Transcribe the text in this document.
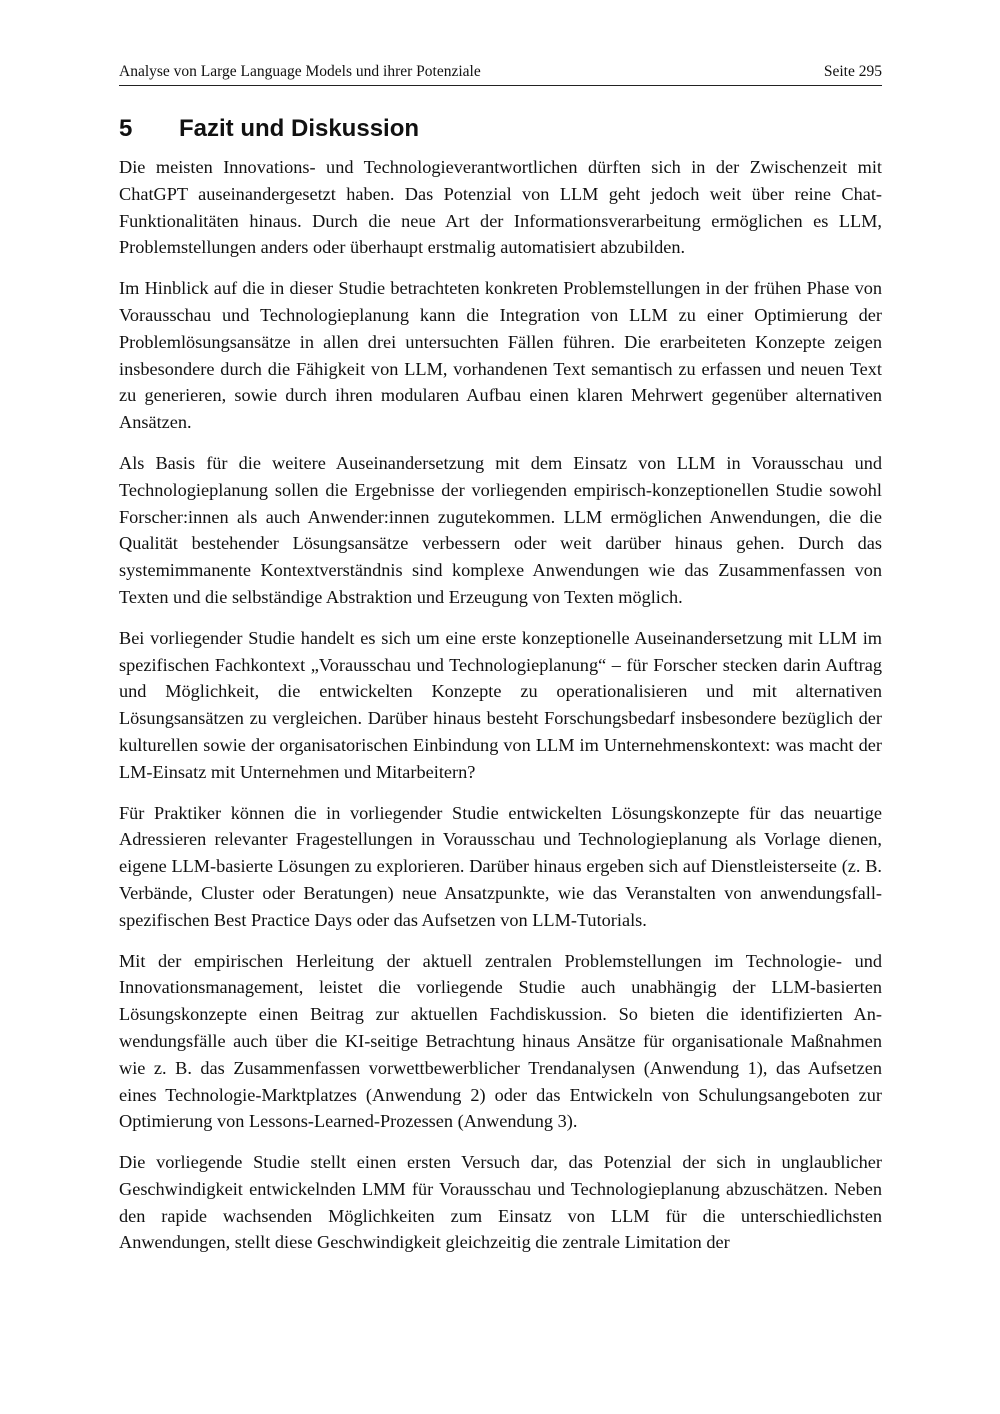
Analyse von Large Language Models und ihrer Potenziale	Seite 295
5	Fazit und Diskussion

Die meisten Innovations- und Technologieverantwortlichen dürften sich in der Zwischenzeit mit ChatGPT auseinandergesetzt haben. Das Potenzial von LLM geht jedoch weit über reine Chat-Funktionalitäten hinaus. Durch die neue Art der Informationsverarbeitung ermöglichen es LLM, Problemstellungen anders oder überhaupt erstmalig automatisiert abzubilden.

Im Hinblick auf die in dieser Studie betrachteten konkreten Problemstellungen in der frühen Phase von Vorausschau und Technologieplanung kann die Integration von LLM zu einer Optimierung der Problemlösungsansätze in allen drei untersuchten Fällen führen. Die erarbeiteten Konzepte zeigen insbesondere durch die Fähigkeit von LLM, vorhandenen Text semantisch zu erfassen und neuen Text zu generieren, sowie durch ihren modularen Aufbau einen klaren Mehrwert gegenüber alternativen Ansätzen.

Als Basis für die weitere Auseinandersetzung mit dem Einsatz von LLM in Vorausschau und Technologieplanung sollen die Ergebnisse der vorliegenden empirisch-konzeptionellen Studie sowohl Forscher:innen als auch Anwender:innen zugutekommen. LLM ermöglichen Anwendungen, die die Qualität bestehender Lösungsansätze verbessern oder weit darüber hinaus gehen. Durch das systemimmanente Kontextverständnis sind komplexe Anwendungen wie das Zusammenfassen von Texten und die selbständige Abstraktion und Erzeugung von Texten möglich.

Bei vorliegender Studie handelt es sich um eine erste konzeptionelle Auseinandersetzung mit LLM im spezifischen Fachkontext „Vorausschau und Technologieplanung“ – für Forscher stecken darin Auftrag und Möglichkeit, die entwickelten Konzepte zu operationalisieren und mit alternativen Lösungsansätzen zu vergleichen. Darüber hinaus besteht Forschungsbedarf insbesondere bezüglich der kulturellen sowie der organisatorischen Einbindung von LLM im Unternehmenskontext: was macht der LM-Einsatz mit Unternehmen und Mitarbeitern?

Für Praktiker können die in vorliegender Studie entwickelten Lösungskonzepte für das neuartige Adressieren relevanter Fragestellungen in Vorausschau und Technologieplanung als Vorlage dienen, eigene LLM-basierte Lösungen zu explorieren. Darüber hinaus ergeben sich auf Dienstleisterseite (z. B. Verbände, Cluster oder Beratungen) neue Ansatzpunkte, wie das Veranstalten von anwendungsfall-spezifischen Best Practice Days oder das Aufsetzen von LLM-Tutorials.

Mit der empirischen Herleitung der aktuell zentralen Problemstellungen im Technologie- und Innovationsmanagement, leistet die vorliegende Studie auch unabhängig der LLM-basierten Lösungskonzepte einen Beitrag zur aktuellen Fachdiskussion. So bieten die identifizierten Anwendungsfälle auch über die KI-seitige Betrachtung hinaus Ansätze für organisationale Maßnahmen wie z. B. das Zusammenfassen vorwettbewerblicher Trendanalysen (Anwendung 1), das Aufsetzen eines Technologie-Marktplatzes (Anwendung 2) oder das Entwickeln von Schulungsangeboten zur Optimierung von Lessons-Learned-Prozessen (Anwendung 3).

Die vorliegende Studie stellt einen ersten Versuch dar, das Potenzial der sich in unglaublicher Geschwindigkeit entwickelnden LMM für Vorausschau und Technologieplanung abzuschätzen. Neben den rapide wachsenden Möglichkeiten zum Einsatz von LLM für die unterschiedlichsten Anwendungen, stellt diese Geschwindigkeit gleichzeitig die zentrale Limitation der
